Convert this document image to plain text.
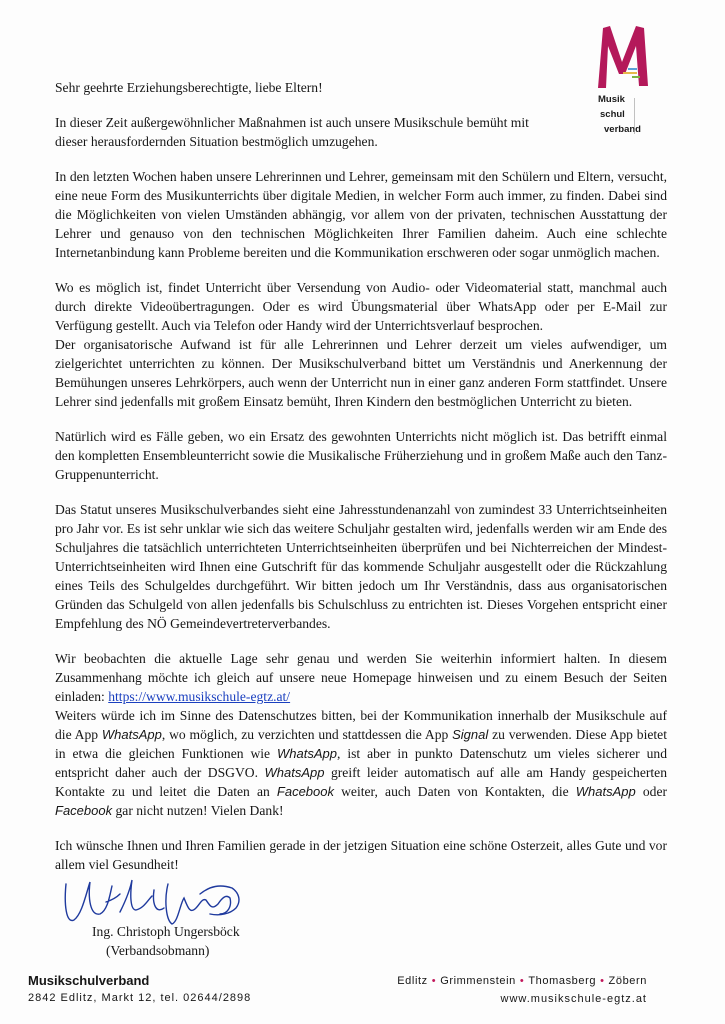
Musik
schul
verband

Sehr geehrte Erziehungsberechtigte, liebe Eltern!

In dieser Zeit außergewöhnlicher Maßnahmen ist auch unsere Musikschule bemüht mit dieser herausfordernden Situation bestmöglich umzugehen.

In den letzten Wochen haben unsere Lehrerinnen und Lehrer, gemeinsam mit den Schülern und Eltern, versucht, eine neue Form des Musikunterrichts über digitale Medien, in welcher Form auch immer, zu finden. Dabei sind die Möglichkeiten von vielen Umständen abhängig, vor allem von der privaten, technischen Ausstattung der Lehrer und genauso von den technischen Möglichkeiten Ihrer Familien daheim. Auch eine schlechte Internetanbindung kann Probleme bereiten und die Kommunikation erschweren oder sogar unmöglich machen.

Wo es möglich ist, findet Unterricht über Versendung von Audio- oder Videomaterial statt, manchmal auch durch direkte Videoübertragungen. Oder es wird Übungsmaterial über WhatsApp oder per E-Mail zur Verfügung gestellt. Auch via Telefon oder Handy wird der Unterrichtsverlauf besprochen.

Der organisatorische Aufwand ist für alle Lehrerinnen und Lehrer derzeit um vieles aufwendiger, um zielgerichtet unterrichten zu können. Der Musikschulverband bittet um Verständnis und Anerkennung der Bemühungen unseres Lehrkörpers, auch wenn der Unterricht nun in einer ganz anderen Form stattfindet. Unsere Lehrer sind jedenfalls mit großem Einsatz bemüht, Ihren Kindern den bestmöglichen Unterricht zu bieten.

Natürlich wird es Fälle geben, wo ein Ersatz des gewohnten Unterrichts nicht möglich ist. Das betrifft einmal den kompletten Ensembleunterricht sowie die Musikalische Früherziehung und in großem Maße auch den Tanz-Gruppenunterricht.

Das Statut unseres Musikschulverbandes sieht eine Jahresstundenanzahl von zumindest 33 Unterrichtseinheiten pro Jahr vor. Es ist sehr unklar wie sich das weitere Schuljahr gestalten wird, jedenfalls werden wir am Ende des Schuljahres die tatsächlich unterrichteten Unterrichtseinheiten überprüfen und bei Nichterreichen der Mindest-Unterrichtseinheiten wird Ihnen eine Gutschrift für das kommende Schuljahr ausgestellt oder die Rückzahlung eines Teils des Schulgeldes durchgeführt. Wir bitten jedoch um Ihr Verständnis, dass aus organisatorischen Gründen das Schulgeld von allen jedenfalls bis Schulschluss zu entrichten ist. Dieses Vorgehen entspricht einer Empfehlung des NÖ Gemeindevertreterverbandes.

Wir beobachten die aktuelle Lage sehr genau und werden Sie weiterhin informiert halten. In diesem Zusammenhang möchte ich gleich auf unsere neue Homepage hinweisen und zu einem Besuch der Seiten einladen: https://www.musikschule-egtz.at/

Weiters würde ich im Sinne des Datenschutzes bitten, bei der Kommunikation innerhalb der Musikschule auf die App WhatsApp, wo möglich, zu verzichten und stattdessen die App Signal zu verwenden. Diese App bietet in etwa die gleichen Funktionen wie WhatsApp, ist aber in punkto Datenschutz um vieles sicherer und entspricht daher auch der DSGVO. WhatsApp greift leider automatisch auf alle am Handy gespeicherten Kontakte zu und leitet die Daten an Facebook weiter, auch Daten von Kontakten, die WhatsApp oder Facebook gar nicht nutzen! Vielen Dank!

Ich wünsche Ihnen und Ihren Familien gerade in der jetzigen Situation eine schöne Osterzeit, alles Gute und vor allem viel Gesundheit!

Ing. Christoph Ungersböck
(Verbandsobmann)
Musikschulverband
2842 Edlitz, Markt 12, tel. 02644/2898
Edlitz • Grimmenstein • Thomasberg • Zöbern
www.musikschule-egtz.at
